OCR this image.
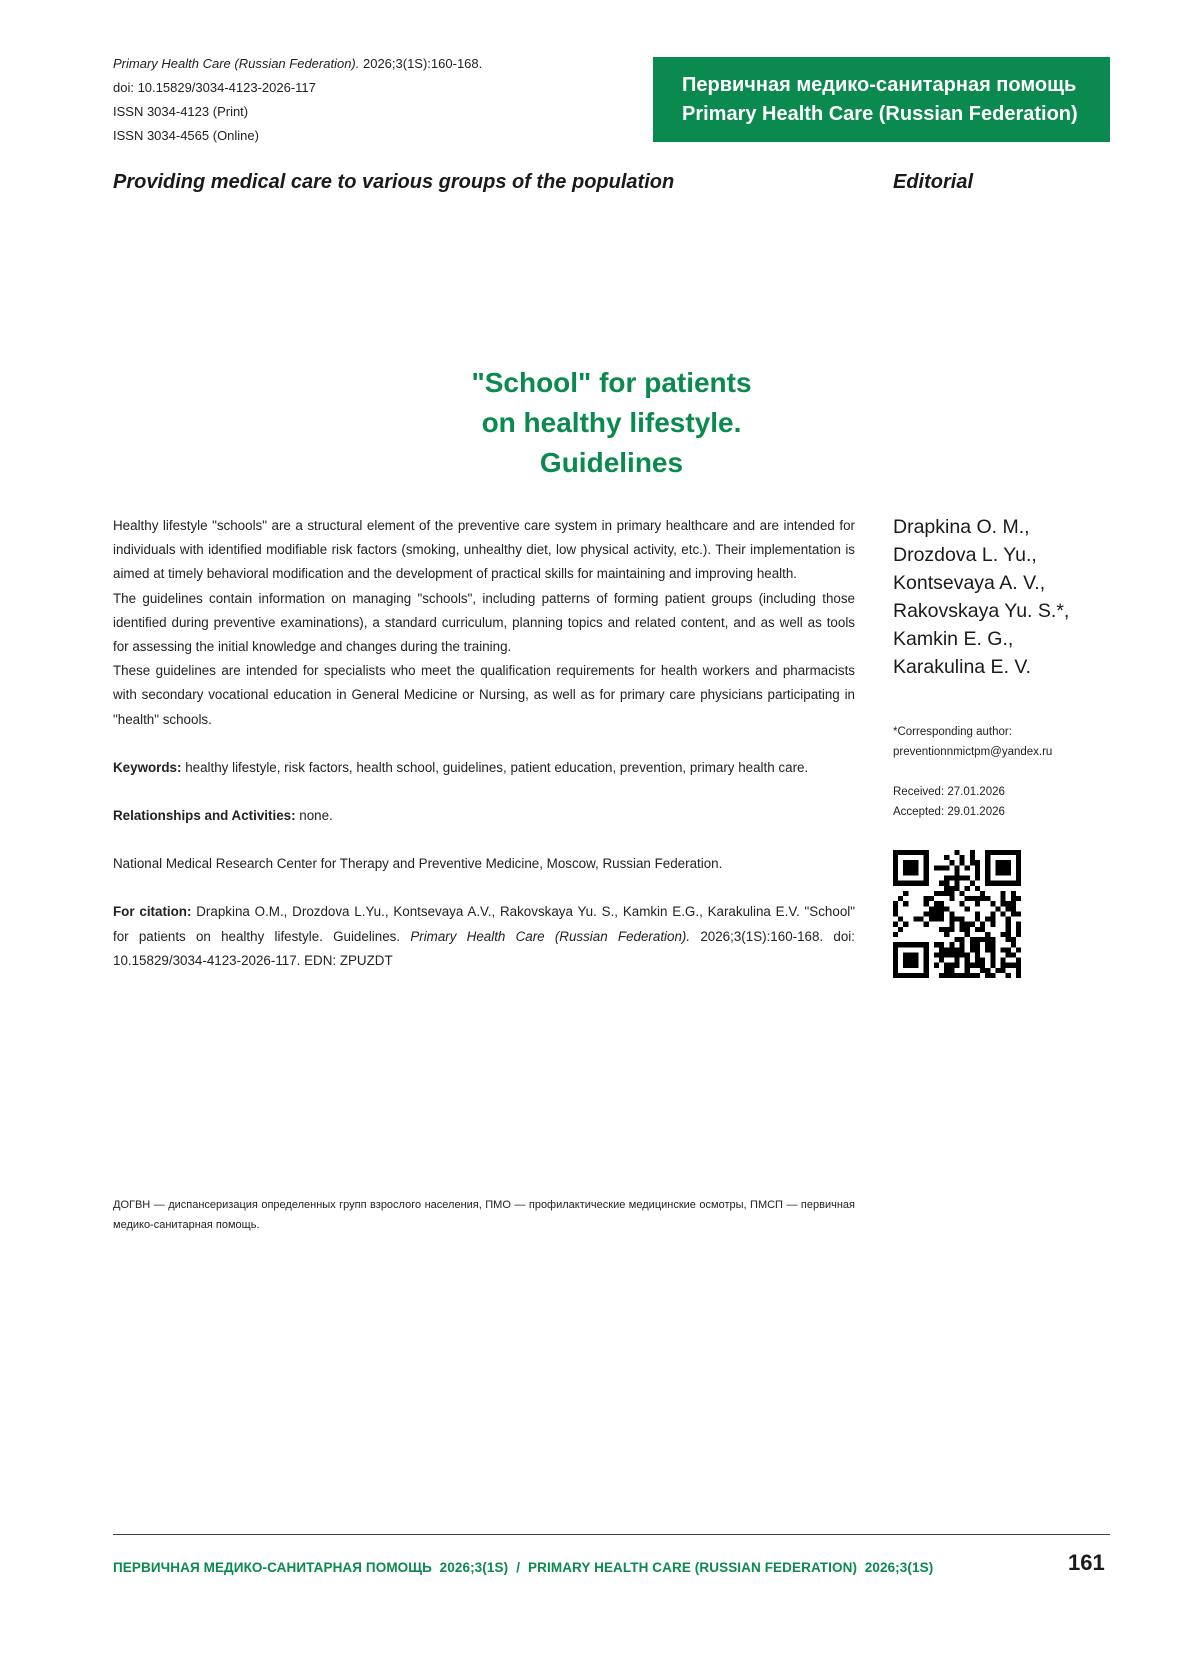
Primary Health Care (Russian Federation). 2026;3(1S):160-168.
doi: 10.15829/3034-4123-2026-117
ISSN 3034-4123 (Print)
ISSN 3034-4565 (Online)
Первичная медико-санитарная помощь
Primary Health Care (Russian Federation)
Providing medical care to various groups of the population	Editorial
"School" for patients
on healthy lifestyle.
Guidelines

Healthy lifestyle "schools" are a structural element of the preventive care system in primary healthcare and are intended for individuals with identified modifiable risk factors (smoking, unhealthy diet, low physical activity, etc.). Their implementation is aimed at timely behavioral modification and the development of practical skills for maintaining and improving health.

The guidelines contain information on managing "schools", including patterns of forming patient groups (including those identified during preventive examinations), a standard curriculum, planning topics and related content, and as well as tools for assessing the initial knowledge and changes during the training.

These guidelines are intended for specialists who meet the qualification requirements for health workers and pharmacists with secondary vocational education in General Medicine or Nursing, as well as for primary care physicians participating in "health" schools.

Keywords: healthy lifestyle, risk factors, health school, guidelines, patient education, prevention, primary health care.

Relationships and Activities: none.

National Medical Research Center for Therapy and Preventive Medicine, Moscow, Russian Federation.

For citation: Drapkina O.M., Drozdova L.Yu., Kontsevaya A.V., Rakovskaya Yu. S., Kamkin E.G., Karakulina E.V. "School" for patients on healthy lifestyle. Guidelines. Primary Health Care (Russian Federation). 2026;3(1S):160-168. doi: 10.15829/3034-4123-2026-117. EDN: ZPUZDT

Drapkina O. M.,
Drozdova L. Yu.,
Kontsevaya A. V.,
Rakovskaya Yu. S.*,
Kamkin E. G.,
Karakulina E. V.
*Corresponding author:
preventionnmictpm@yandex.ru
Received: 27.01.2026
Accepted: 29.01.2026
ДОГВН — диспансеризация определенных групп взрослого населения, ПМО — профилактические медицинские осмотры, ПМСП — первичная медико-санитарная помощь.
ПЕРВИЧНАЯ МЕДИКО-САНИТАРНАЯ ПОМОЩЬ  2026;3(1S) / PRIMARY HEALTH CARE (RUSSIAN FEDERATION)  2026;3(1S)	161
